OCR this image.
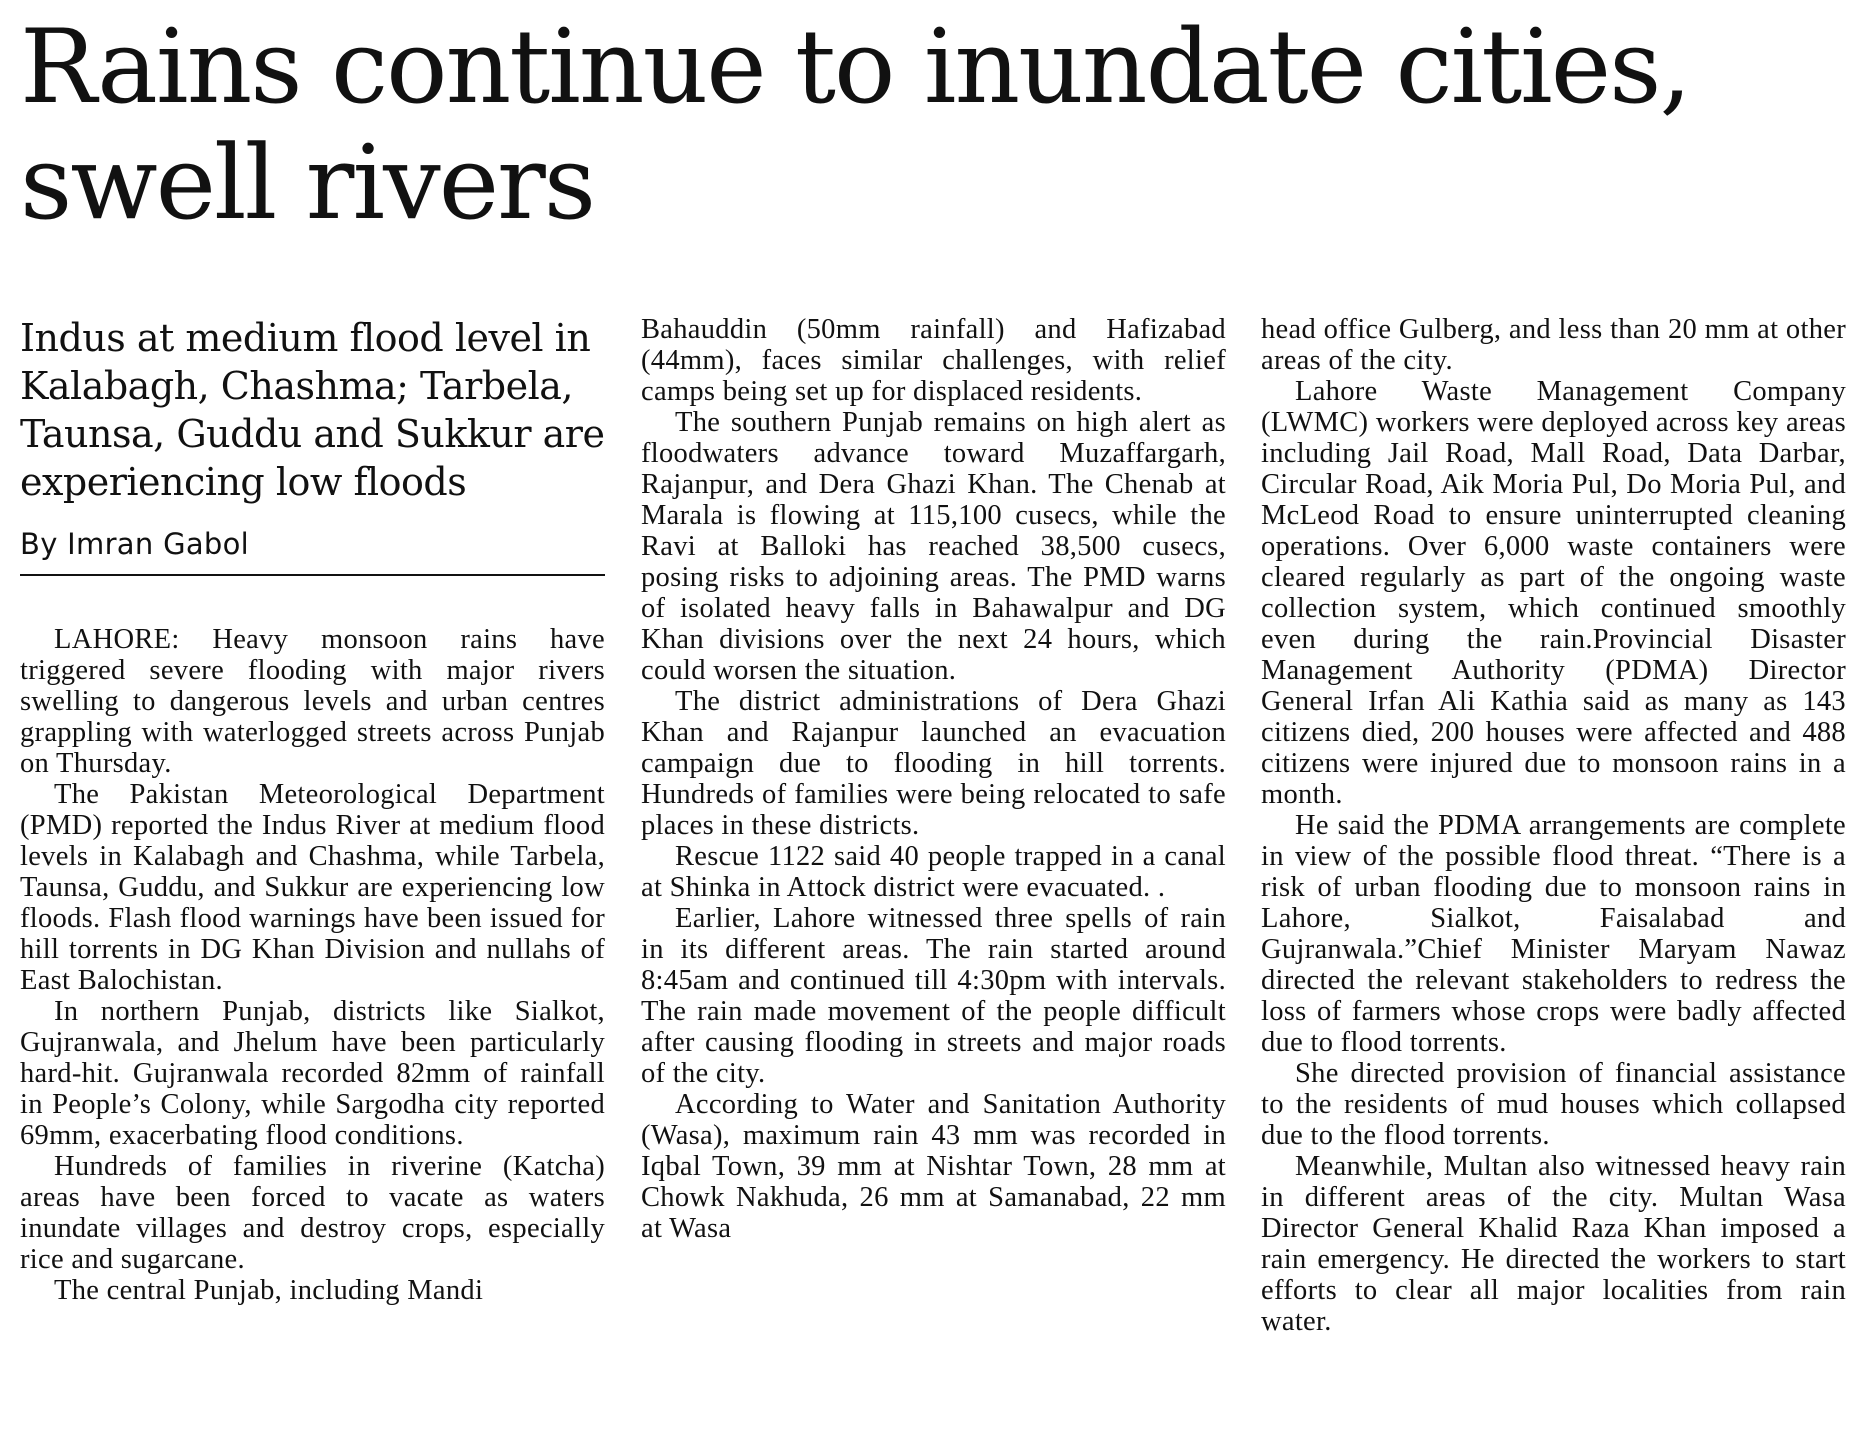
Rains continue to inundate cities, swell rivers
Indus at medium flood level in Kalabagh, Chashma; Tarbela, Taunsa, Guddu and Sukkur are experiencing low floods
By Imran Gabol

LAHORE: Heavy monsoon rains have triggered severe flooding with major rivers swelling to dangerous levels and urban centres grappling with waterlogged streets across Punjab on Thursday.

The Pakistan Meteorological Department (PMD) reported the Indus River at medium flood levels in Kalabagh and Chashma, while Tarbela, Taunsa, Guddu, and Sukkur are experiencing low floods. Flash flood warnings have been issued for hill torrents in DG Khan Division and nullahs of East Balochistan.

In northern Punjab, districts like Sialkot, Gujranwala, and Jhelum have been particularly hard-hit. Gujranwala recorded 82mm of rainfall in People’s Colony, while Sargodha city reported 69mm, exacerbating flood conditions.

Hundreds of families in riverine (Katcha) areas have been forced to vacate as waters inundate villages and destroy crops, especially rice and sugarcane.

The central Punjab, including Mandi

Bahauddin (50mm rainfall) and Hafizabad (44mm), faces similar challenges, with relief camps being set up for displaced residents.

The southern Punjab remains on high alert as floodwaters advance toward Muzaffargarh, Rajanpur, and Dera Ghazi Khan. The Chenab at Marala is flowing at 115,100 cusecs, while the Ravi at Balloki has reached 38,500 cusecs, posing risks to adjoining areas. The PMD warns of isolated heavy falls in Bahawalpur and DG Khan divisions over the next 24 hours, which could worsen the situation.

The district administrations of Dera Ghazi Khan and Rajanpur launched an evacuation campaign due to flooding in hill torrents. Hundreds of families were being relocated to safe places in these districts.

Rescue 1122 said 40 people trapped in a canal at Shinka in Attock district were evacuated. .

Earlier, Lahore witnessed three spells of rain in its different areas. The rain started around 8:45am and continued till 4:30pm with intervals. The rain made movement of the people difficult after causing flooding in streets and major roads of the city.

According to Water and Sanitation Authority (Wasa), maximum rain 43 mm was recorded in Iqbal Town, 39 mm at Nishtar Town, 28 mm at Chowk Nakhuda, 26 mm at Samanabad, 22 mm at Wasa

head office Gulberg, and less than 20 mm at other areas of the city.

Lahore Waste Management Company (LWMC) workers were deployed across key areas including Jail Road, Mall Road, Data Darbar, Circular Road, Aik Moria Pul, Do Moria Pul, and McLeod Road to ensure uninterrupted cleaning operations. Over 6,000 waste containers were cleared regularly as part of the ongoing waste collection system, which continued smoothly even during the rain.Provincial Disaster Management Authority (PDMA) Director General Irfan Ali Kathia said as many as 143 citizens died, 200 houses were affected and 488 citizens were injured due to monsoon rains in a month.

He said the PDMA arrangements are complete in view of the possible flood threat. “There is a risk of urban flooding due to monsoon rains in Lahore, Sialkot, Faisalabad and Gujranwala.”Chief Minister Maryam Nawaz directed the relevant stakeholders to redress the loss of farmers whose crops were badly affected due to flood torrents.

She directed provision of financial assistance to the residents of mud houses which collapsed due to the flood torrents.

Meanwhile, Multan also witnessed heavy rain in different areas of the city. Multan Wasa Director General Khalid Raza Khan imposed a rain emergency. He directed the workers to start efforts to clear all major localities from rain water.
